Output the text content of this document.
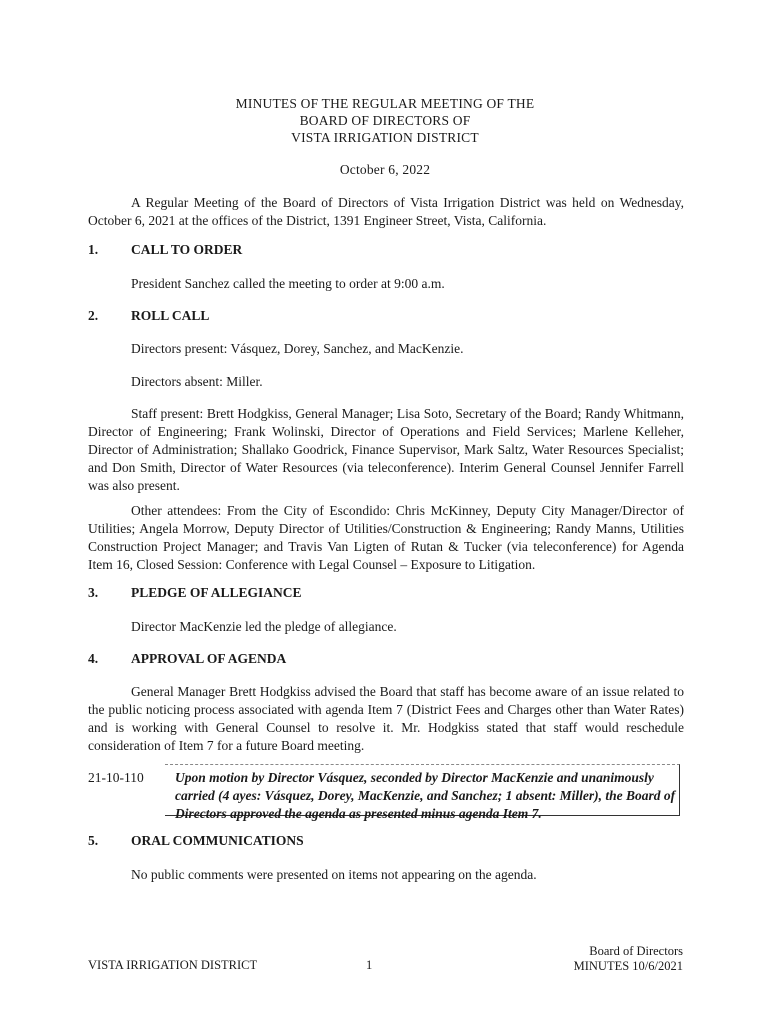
MINUTES OF THE REGULAR MEETING OF THE
BOARD OF DIRECTORS OF
VISTA IRRIGATION DISTRICT
October 6, 2022
A Regular Meeting of the Board of Directors of Vista Irrigation District was held on Wednesday, October 6, 2021 at the offices of the District, 1391 Engineer Street, Vista, California.
1. CALL TO ORDER
President Sanchez called the meeting to order at 9:00 a.m.
2. ROLL CALL
Directors present: Vásquez, Dorey, Sanchez, and MacKenzie.
Directors absent: Miller.
Staff present: Brett Hodgkiss, General Manager; Lisa Soto, Secretary of the Board; Randy Whitmann, Director of Engineering; Frank Wolinski, Director of Operations and Field Services; Marlene Kelleher, Director of Administration; Shallako Goodrick, Finance Supervisor, Mark Saltz, Water Resources Specialist; and Don Smith, Director of Water Resources (via teleconference). Interim General Counsel Jennifer Farrell was also present.
Other attendees: From the City of Escondido: Chris McKinney, Deputy City Manager/Director of Utilities; Angela Morrow, Deputy Director of Utilities/Construction & Engineering; Randy Manns, Utilities Construction Project Manager; and Travis Van Ligten of Rutan & Tucker (via teleconference) for Agenda Item 16, Closed Session: Conference with Legal Counsel – Exposure to Litigation.
3. PLEDGE OF ALLEGIANCE
Director MacKenzie led the pledge of allegiance.
4. APPROVAL OF AGENDA
General Manager Brett Hodgkiss advised the Board that staff has become aware of an issue related to the public noticing process associated with agenda Item 7 (District Fees and Charges other than Water Rates) and is working with General Counsel to resolve it. Mr. Hodgkiss stated that staff would reschedule consideration of Item 7 for a future Board meeting.
21-10-110	Upon motion by Director Vásquez, seconded by Director MacKenzie and unanimously carried (4 ayes: Vásquez, Dorey, MacKenzie, and Sanchez; 1 absent: Miller), the Board of Directors approved the agenda as presented minus agenda Item 7.
5. ORAL COMMUNICATIONS
No public comments were presented on items not appearing on the agenda.
VISTA IRRIGATION DISTRICT	1
Board of Directors
MINUTES 10/6/2021
